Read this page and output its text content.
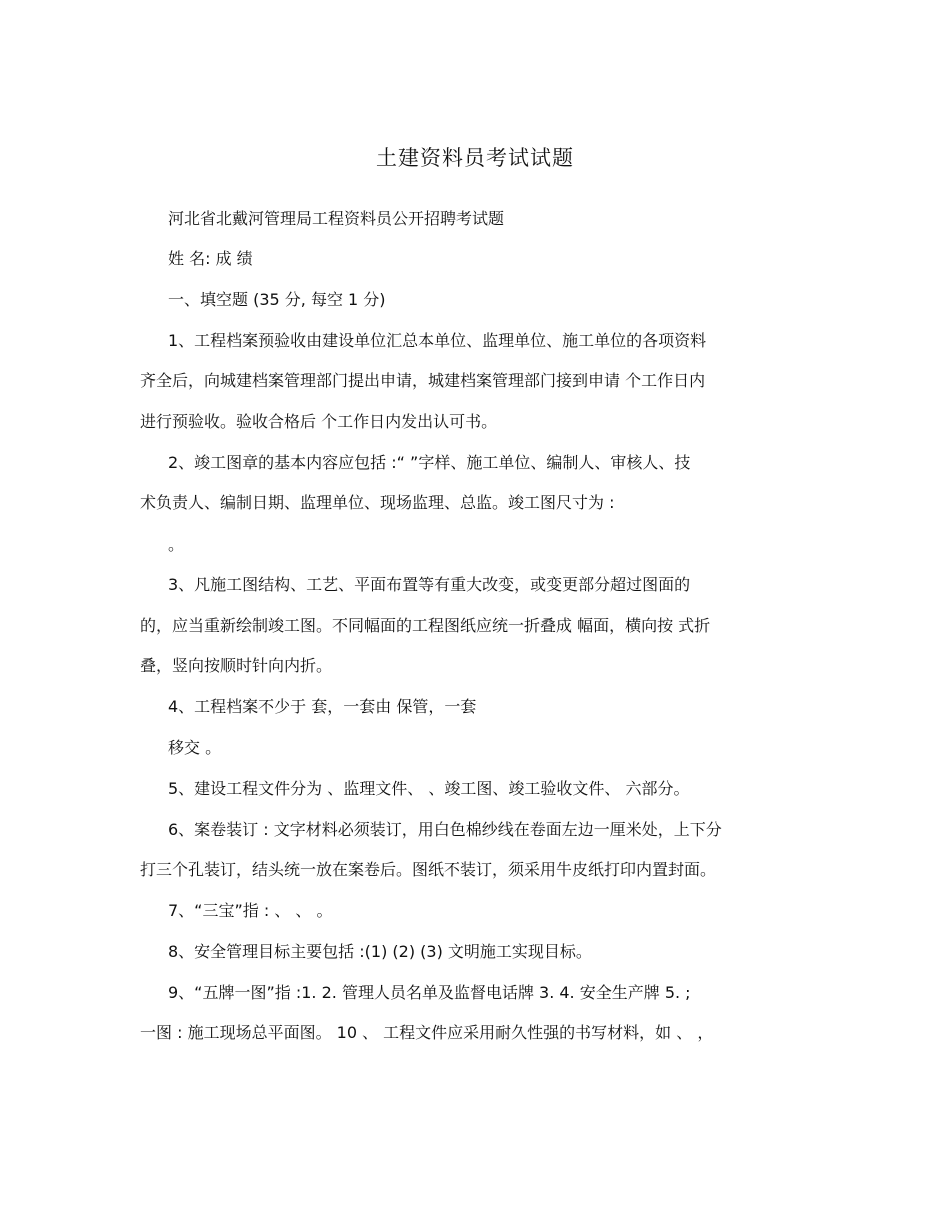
土建资料员考试试题
河北省北戴河管理局工程资料员公开招聘考试题
姓 名: 成 绩
一、填空题 (35 分, 每空 1 分)
1、工程档案预验收由建设单位汇总本单位、监理单位、施工单位的各项资料
齐全后，向城建档案管理部门提出申请，城建档案管理部门接到申请 个工作日内
进行预验收。验收合格后 个工作日内发出认可书。
2、竣工图章的基本内容应包括 :“ ”字样、施工单位、编制人、审核人、技
术负责人、编制日期、监理单位、现场监理、总监。竣工图尺寸为 :
。
3、凡施工图结构、工艺、平面布置等有重大改变，或变更部分超过图面的
的，应当重新绘制竣工图。不同幅面的工程图纸应统一折叠成 幅面，横向按 式折
叠，竖向按顺时针向内折。
4、工程档案不少于 套，一套由 保管，一套
移交 。
5、建设工程文件分为 、监理文件、 、竣工图、竣工验收文件、 六部分。
6、案卷装订 : 文字材料必须装订，用白色棉纱线在卷面左边一厘米处，上下分
打三个孔装订，结头统一放在案卷后。图纸不装订，须采用牛皮纸打印内置封面。
7、“三宝”指 : 、 、 。
8、安全管理目标主要包括 :(1) (2) (3) 文明施工实现目标。
9、“五牌一图”指 :1. 2. 管理人员名单及监督电话牌 3. 4. 安全生产牌 5. ;
一图 : 施工现场总平面图。 10 、 工程文件应采用耐久性强的书写材料，如 、 ，
